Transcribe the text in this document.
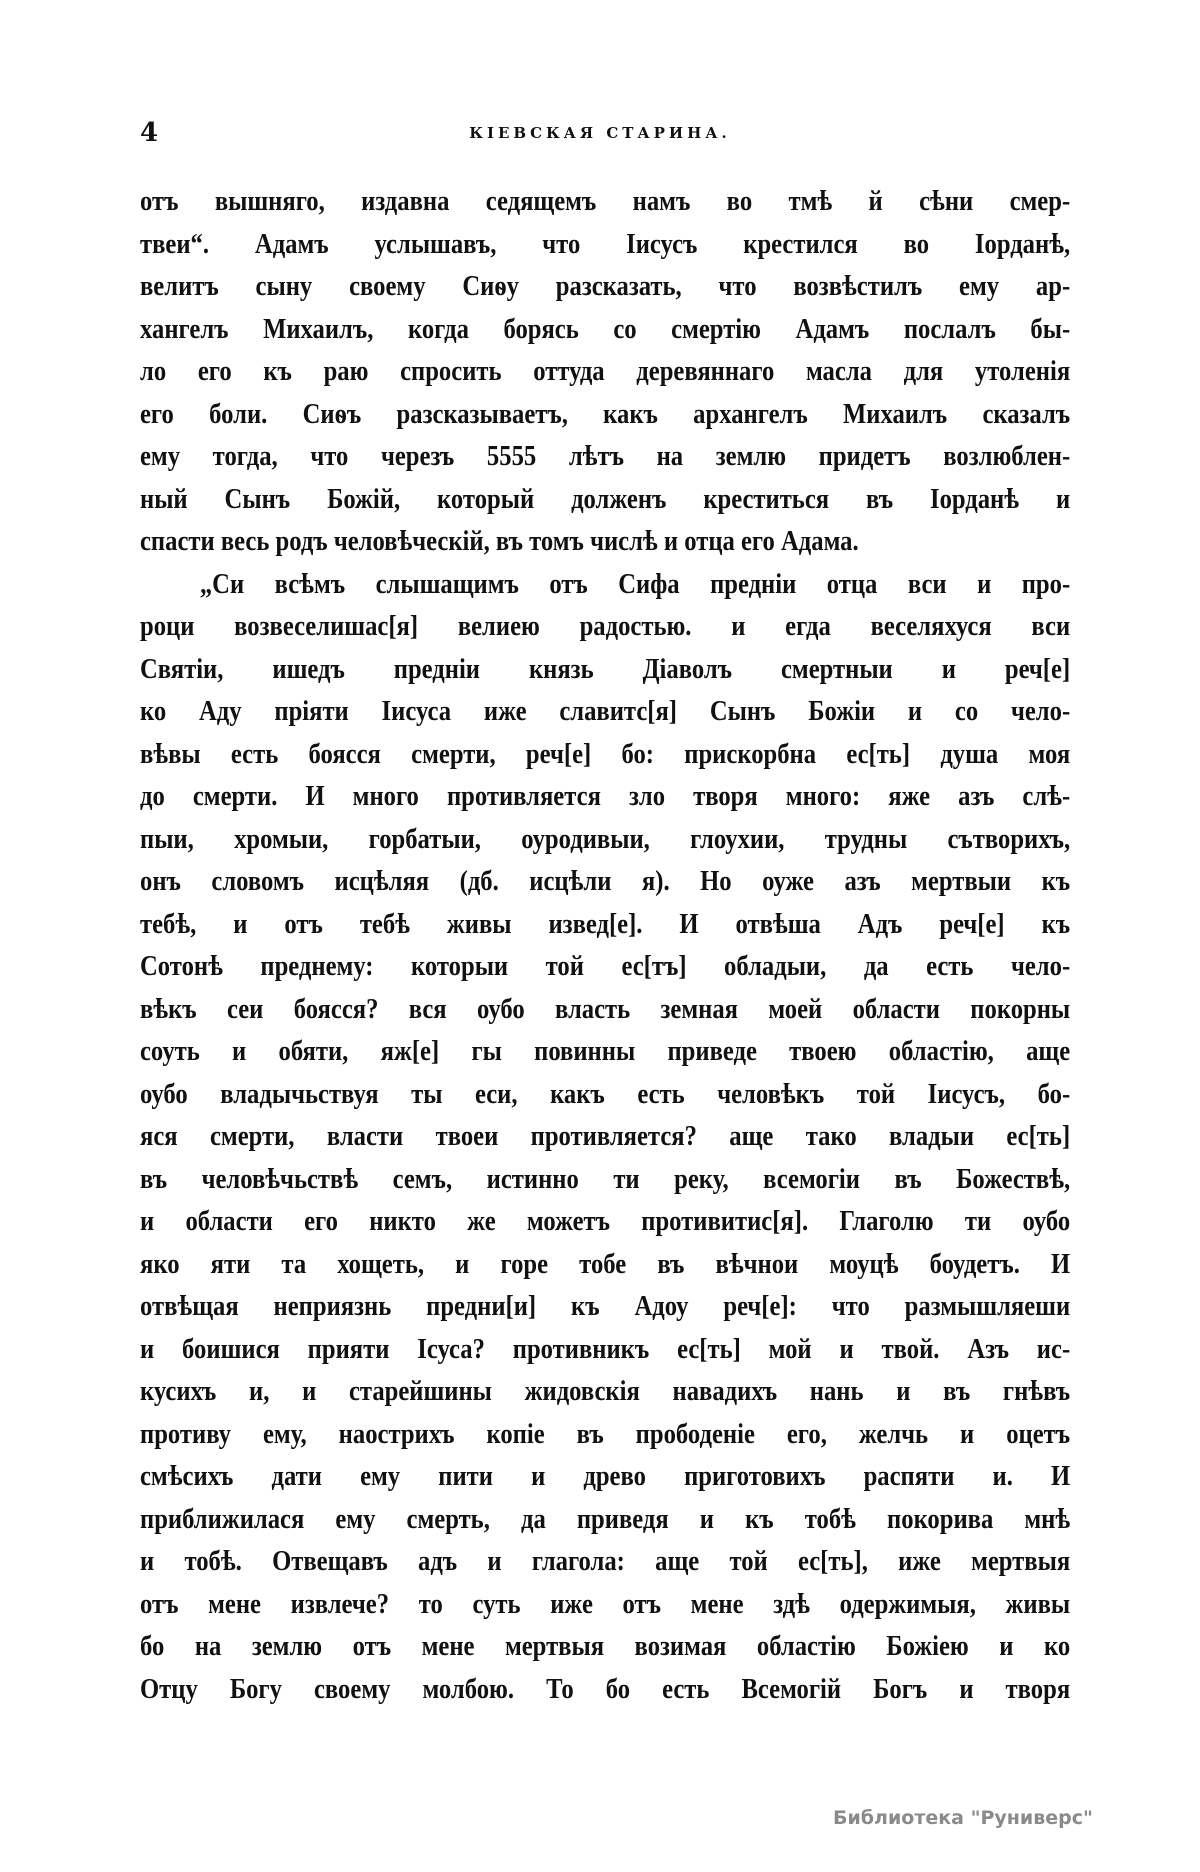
4	КІЕВСКАЯ СТАРИНА.
отъ вышняго, издавна седящемъ намъ во тмѣ й сѣни смер-
твеи“. Адамъ услышавъ, что Іисусъ крестился во Іорданѣ,
велитъ сыну своему Сиѳу разсказать, что возвѣстилъ ему ар-
хангелъ Михаилъ, когда борясь со смертію Адамъ послалъ бы-
ло его къ раю спросить оттуда деревяннаго масла для утоленія
его боли. Сиѳъ разсказываетъ, какъ архангелъ Михаилъ сказалъ
ему тогда, что черезъ 5555 лѣтъ на землю придетъ возлюблен-
ный Сынъ Божій, который долженъ креститься въ Іорданѣ и
спасти весь родъ человѣческій, въ томъ числѣ и отца его Адама.
„Си всѣмъ слышащимъ отъ Сифа предніи отца вси и про-
роци возвеселишас[я] велиею радостью. и егда веселяхуся вси
Святіи, ишедъ предніи князь Діаволъ смертныи и реч[е]
ко Аду пріяти Іисуса иже славитс[я] Сынъ Божіи и со чело-
вѣвы есть боясся смерти, реч[е] бо: прискорбна ес[ть] душа моя
до смерти. И много противляется зло творя много: яже азъ слѣ-
пыи, хромыи, горбатыи, оуродивыи, глоухии, трудны сътворихъ,
онъ словомъ исцѣляя (дб. исцѣли я). Но оуже азъ мертвыи къ
тебѣ, и отъ тебѣ живы извед[е]. И отвѣша Адъ реч[е] къ
Сотонѣ преднему: которыи той ес[тъ] обладыи, да есть чело-
вѣкъ сеи боясся? вся оубо власть земная моей области покорны
соуть и обяти, яж[е] гы повинны приведе твоею областію, аще
оубо владычьствуя ты еси, какъ есть человѣкъ той Іисусъ, бо-
яся смерти, власти твоеи противляется? аще тако владыи ес[ть]
въ человѣчьствѣ семъ, истинно ти реку, всемогіи въ Божествѣ,
и области его никто же можетъ противитис[я]. Глаголю ти оубо
яко яти та хощеть, и горе тобе въ вѣчнои моуцѣ боудетъ. И
отвѣщая неприязнь предни[и] къ Адоу реч[е]: что размышляеши
и боишися прияти Ісуса? противникъ ес[ть] мой и твой. Азъ ис-
кусихъ и, и старейшины жидовскія навадихъ нань и въ гнѣвъ
противу ему, наострихъ копіе въ прободеніе его, желчь и оцетъ
смѣсихъ дати ему пити и древо приготовихъ распяти и. И
приближилася ему смерть, да приведя и къ тобѣ покорива мнѣ
и тобѣ. Отвещавъ адъ и глагола: аще той ес[ть], иже мертвыя
отъ мене извлече? то суть иже отъ мене здѣ одержимыя, живы
бо на землю отъ мене мертвыя возимая областію Божіею и ко
Отцу Богу своему молбою. То бо есть Всемогій Богъ и творя
Библиотека "Руниверс"
